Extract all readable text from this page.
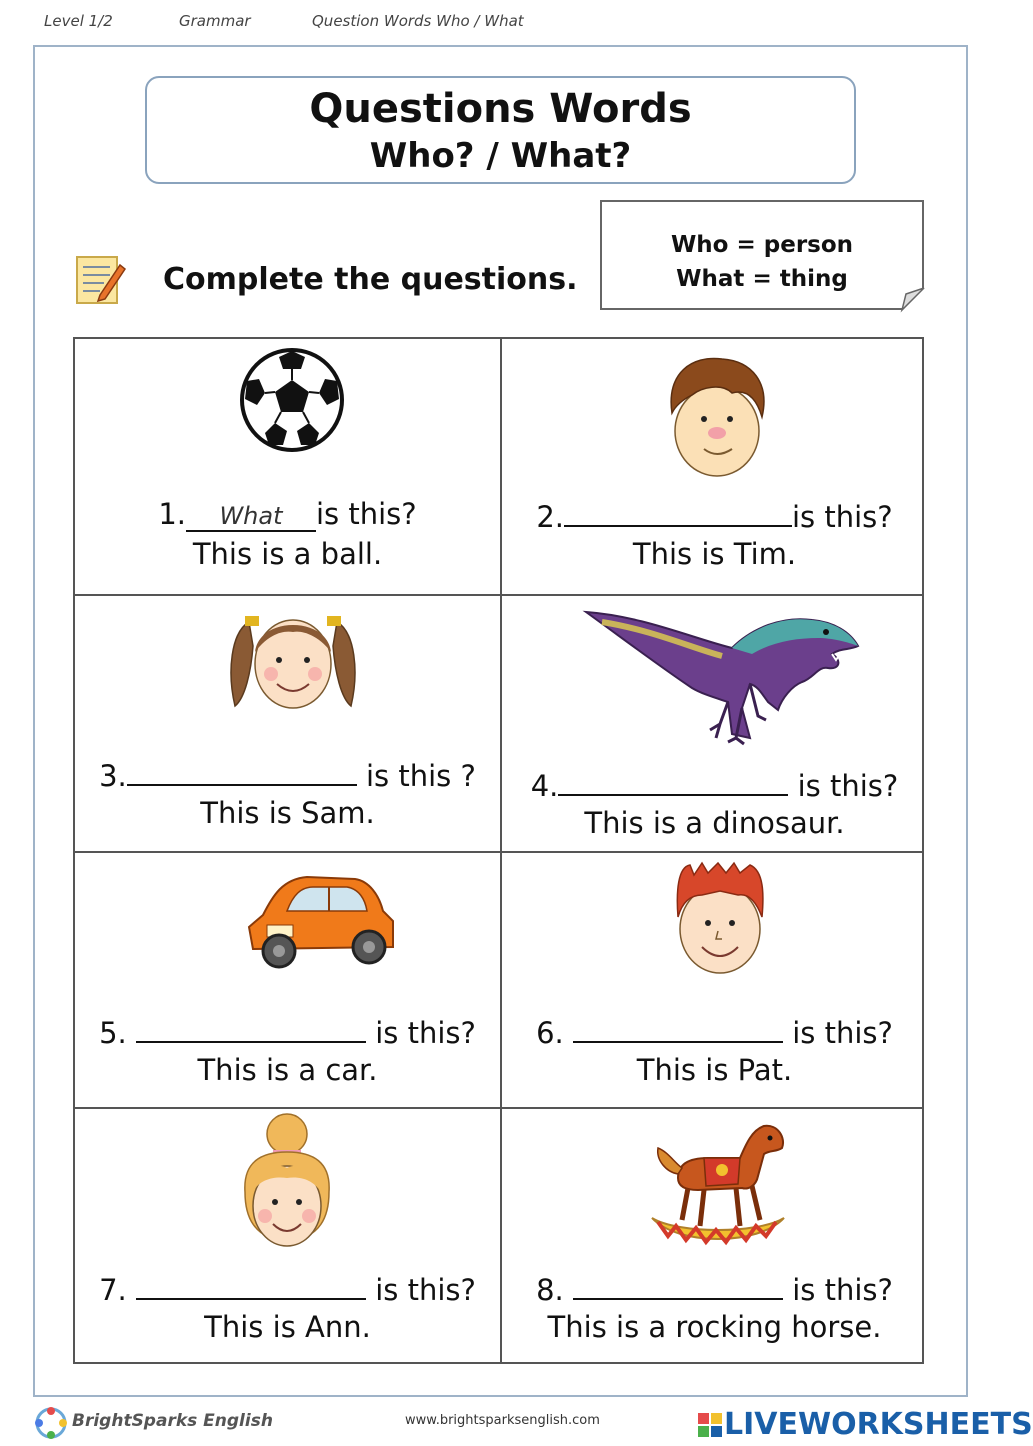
Level 1/2	Grammar	Question Words Who / What
Questions Words
Who? / What?
Complete the questions.
Who = person
What = thing
1. What is this?
This is a ball.
2.	is this?
This is Tim.
3.	is this ?
This is Sam.
4.	is this?
This is a dinosaur.
5.	is this?
This is a car.
6.	is this?
This is Pat.
7.	is this?
This is Ann.
8.	is this?
This is a rocking horse.
BrightSparks English	www.brightsparksenglish.com	LIVEWORKSHEETS
